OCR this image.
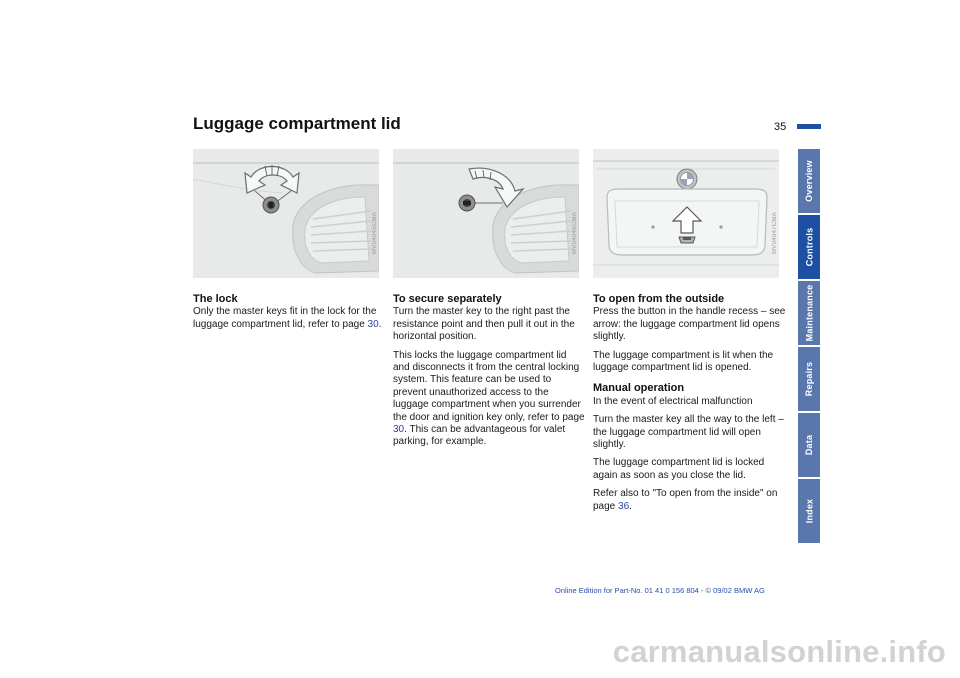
Luggage compartment lid	35
MV04045CMA	MV04046CMA	MV04047CMA
The lock

Only the master keys fit in the lock for the luggage compartment lid, refer to page 30.

To secure separately

Turn the master key to the right past the resistance point and then pull it out in the horizontal position.

This locks the luggage compartment lid and disconnects it from the central locking system. This feature can be used to prevent unauthorized access to the luggage compartment when you surrender the door and ignition key only, refer to page 30. This can be advantageous for valet parking, for example.

To open from the outside

Press the button in the handle recess – see arrow: the luggage compartment lid opens slightly.

The luggage compartment is lit when the luggage compartment lid is opened.

Manual operation

In the event of electrical malfunction

Turn the master key all the way to the left – the luggage compartment lid will open slightly.

The luggage compartment lid is locked again as soon as you close the lid.

Refer also to "To open from the inside" on page 36.

Overview
Controls
Maintenance
Repairs
Data
Index
Online Edition for Part-No. 01 41 0 156 804 - © 09/02 BMW AG
carmanualsonline.info
